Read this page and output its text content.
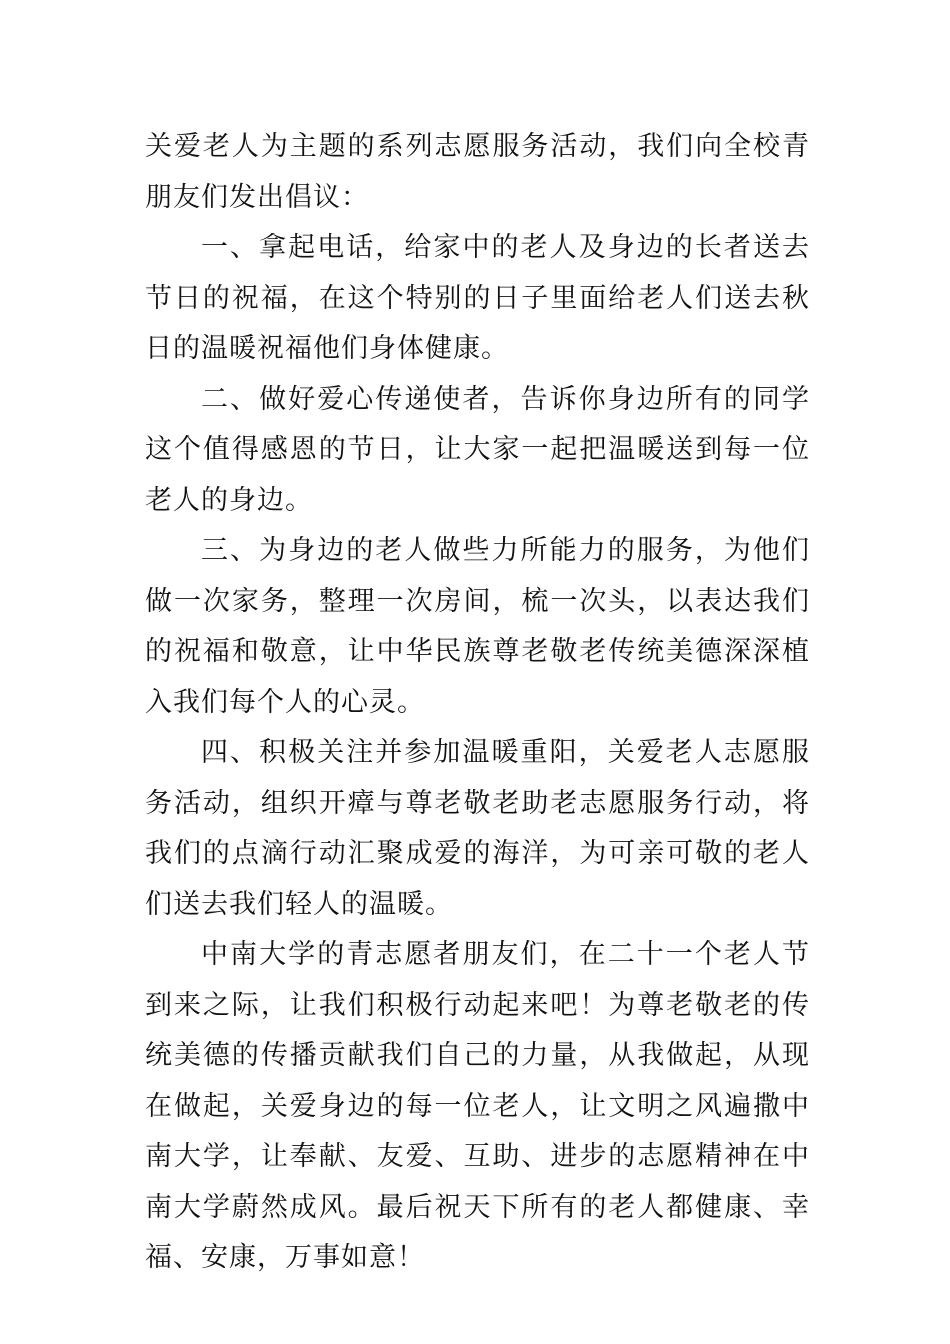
关爱老人为主题的系列志愿服务活动，我们向全校青朋友们发出倡议：

一、拿起电话，给家中的老人及身边的长者送去节日的祝福，在这个特别的日子里面给老人们送去秋日的温暖祝福他们身体健康。

二、做好爱心传递使者，告诉你身边所有的同学这个值得感恩的节日，让大家一起把温暖送到每一位老人的身边。

三、为身边的老人做些力所能力的服务，为他们做一次家务，整理一次房间，梳一次头，以表达我们的祝福和敬意，让中华民族尊老敬老传统美德深深植入我们每个人的心灵。

四、积极关注并参加温暖重阳，关爱老人志愿服务活动，组织开瘴与尊老敬老助老志愿服务行动，将我们的点滴行动汇聚成爱的海洋，为可亲可敬的老人们送去我们轻人的温暖。

中南大学的青志愿者朋友们，在二十一个老人节到来之际，让我们积极行动起来吧！为尊老敬老的传统美德的传播贡献我们自己的力量，从我做起，从现在做起，关爱身边的每一位老人，让文明之风遍撒中南大学，让奉献、友爱、互助、进步的志愿精神在中南大学蔚然成风。最后祝天下所有的老人都健康、幸福、安康，万事如意！
